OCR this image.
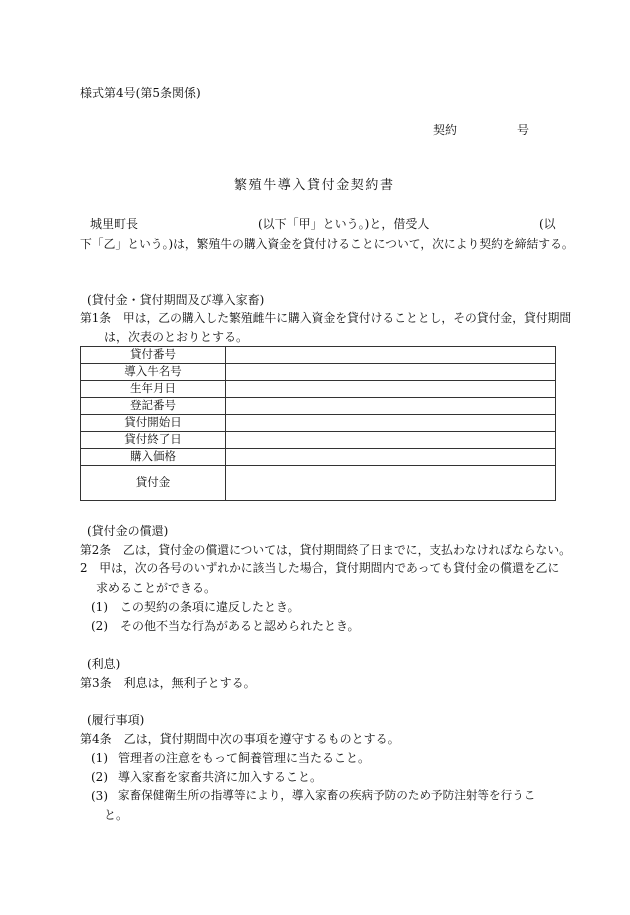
様式第4号(第5条関係)
契約	号
繁殖牛導入貸付金契約書
城里町長	(以下「甲」という。)と，借受人	(以
下「乙」という。)は，繁殖牛の購入資金を貸付けることについて，次により契約を締結する。
(貸付金・貸付期間及び導入家畜)
第1条　甲は，乙の購入した繁殖雌牛に購入資金を貸付けることとし，その貸付金，貸付期間
は，次表のとおりとする。
貸付番号	
導入牛名号	
生年月日	
登記番号	
貸付開始日	
貸付終了日	
購入価格	
貸付金	
(貸付金の償還)
第2条　乙は，貸付金の償還については，貸付期間終了日までに，支払わなければならない。
2　甲は，次の各号のいずれかに該当した場合，貸付期間内であっても貸付金の償還を乙に
求めることができる。
(1) この契約の条項に違反したとき。
(2) その他不当な行為があると認められたとき。
(利息)
第3条　利息は，無利子とする。
(履行事項)
第4条　乙は，貸付期間中次の事項を遵守するものとする。
(1) 管理者の注意をもって飼養管理に当たること。
(2) 導入家畜を家畜共済に加入すること。
(3) 家畜保健衛生所の指導等により，導入家畜の疾病予防のため予防注射等を行うこ
と。
